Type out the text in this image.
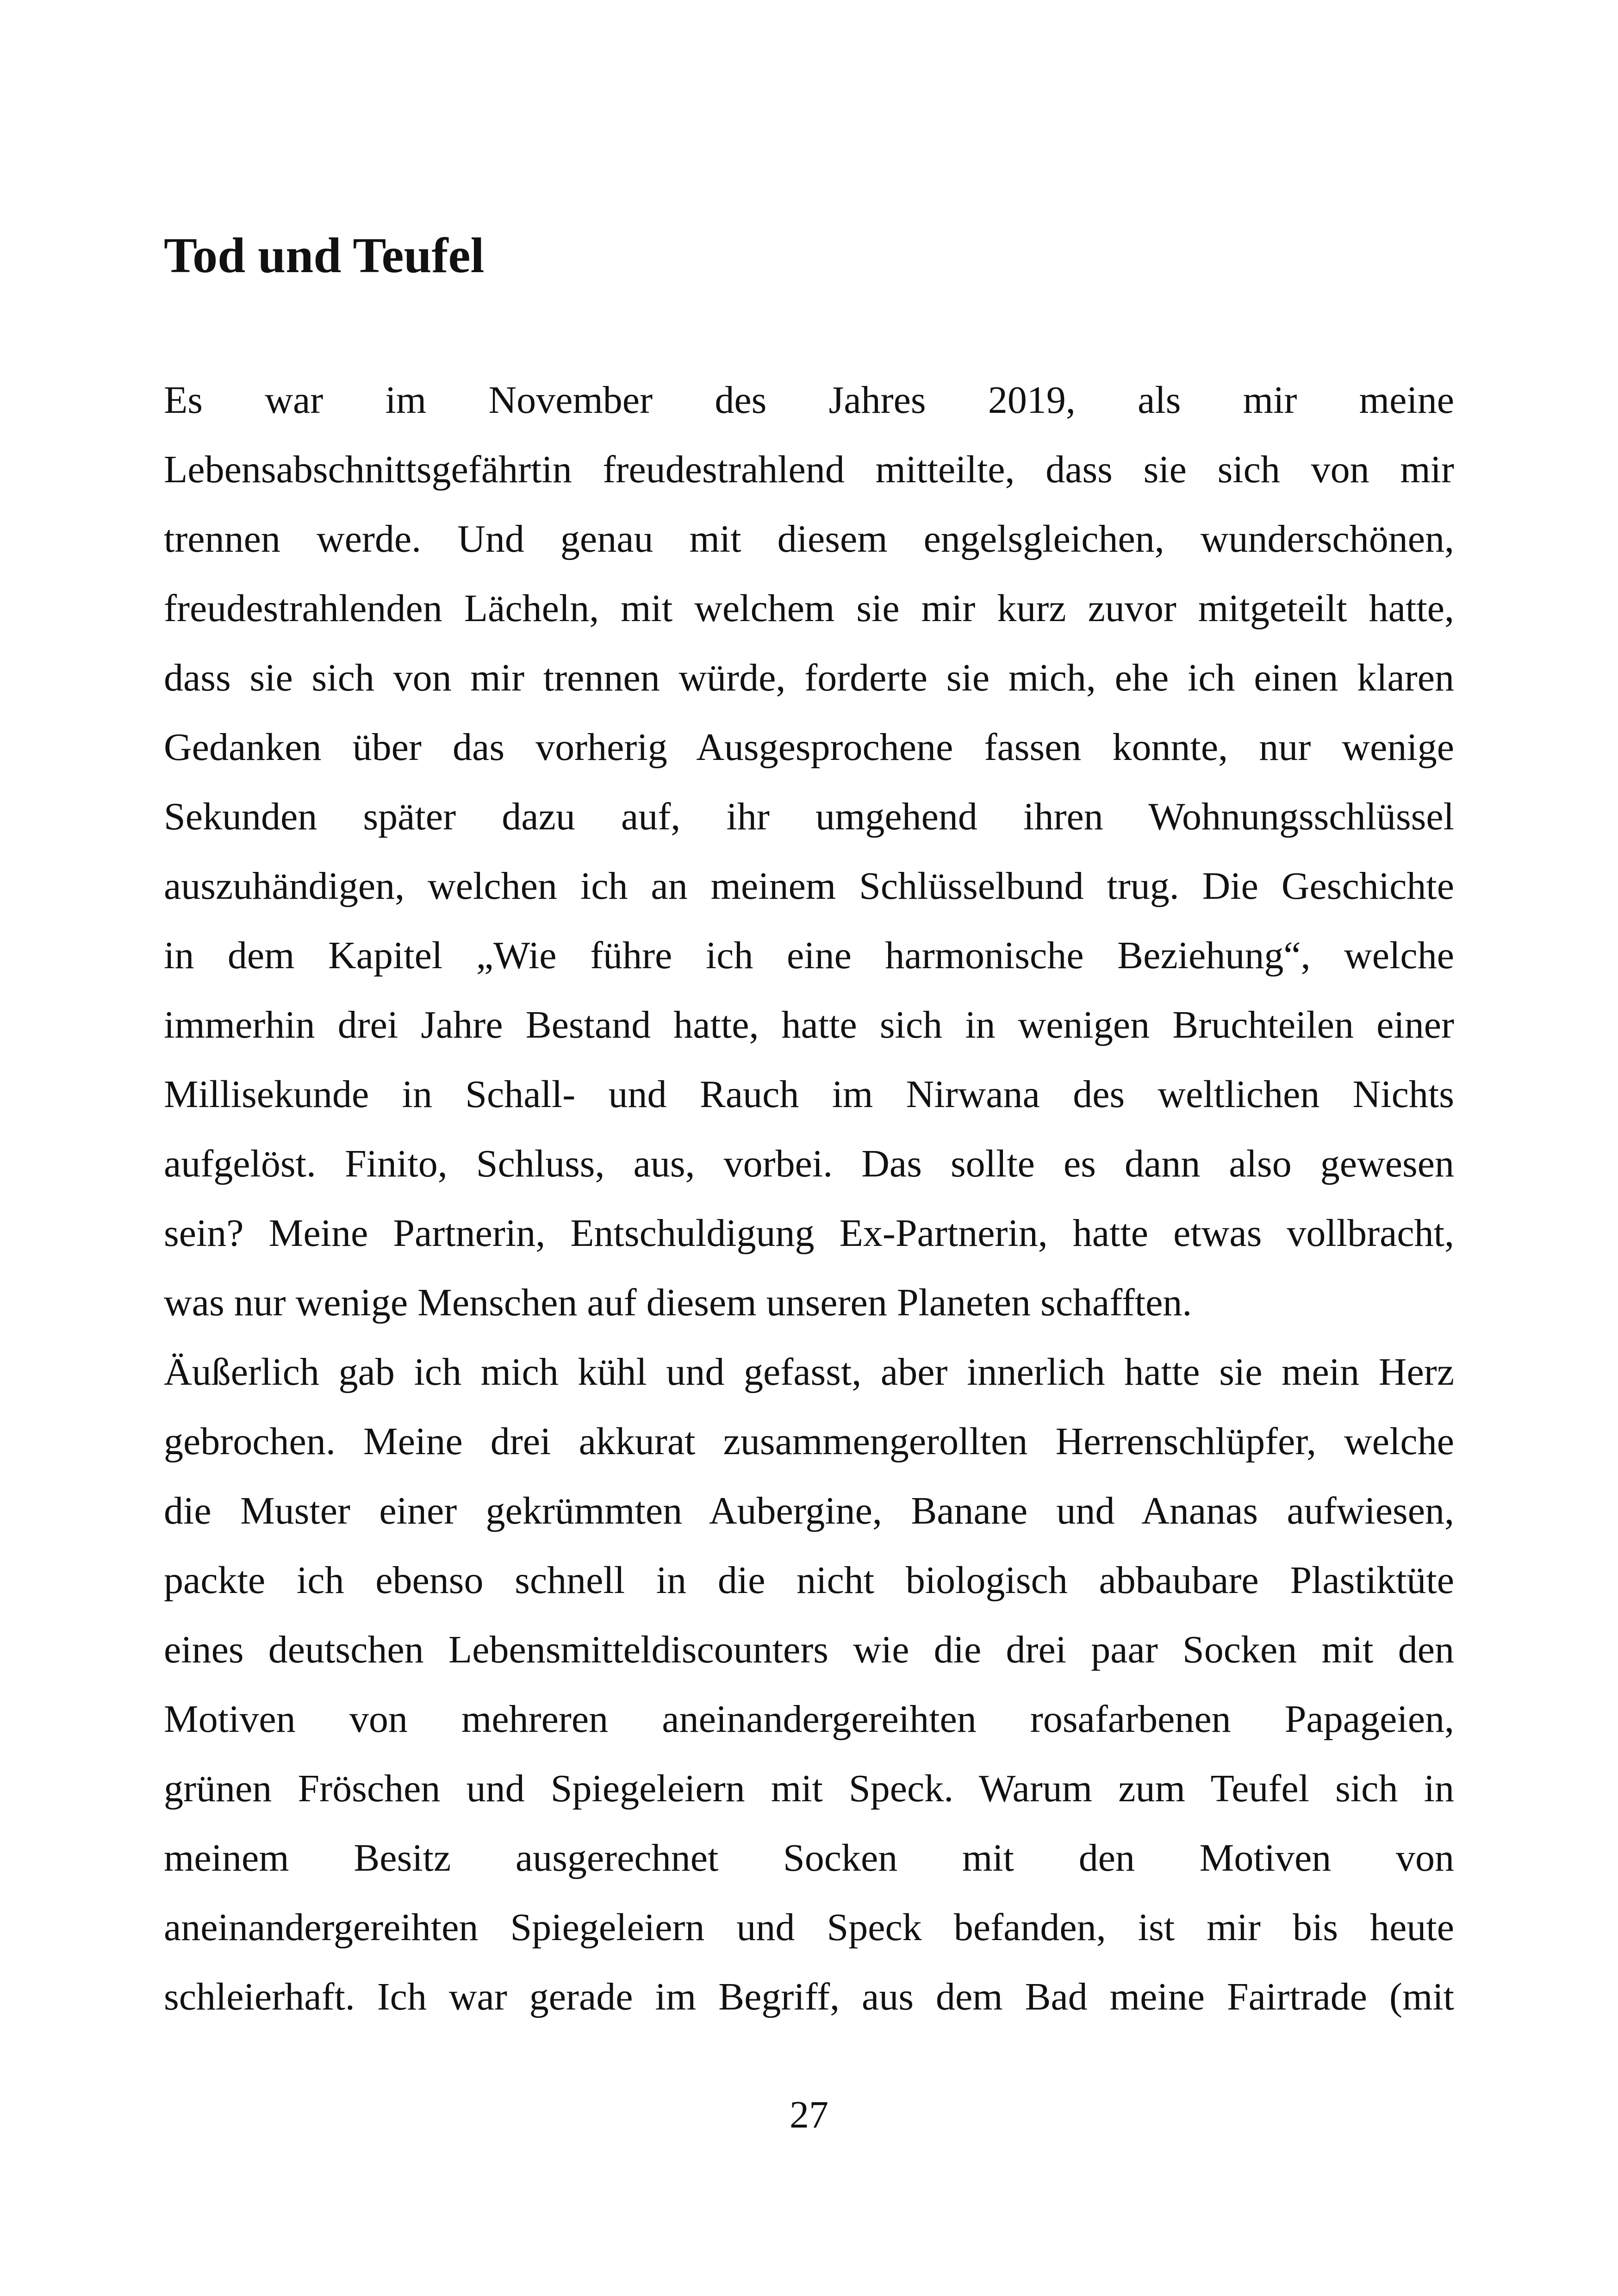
Tod und Teufel
Es war im November des Jahres 2019, als mir meine
Lebensabschnittsgefährtin freudestrahlend mitteilte, dass sie sich von mir
trennen werde. Und genau mit diesem engelsgleichen, wunderschönen,
freudestrahlenden Lächeln, mit welchem sie mir kurz zuvor mitgeteilt hatte,
dass sie sich von mir trennen würde, forderte sie mich, ehe ich einen klaren
Gedanken über das vorherig Ausgesprochene fassen konnte, nur wenige
Sekunden später dazu auf, ihr umgehend ihren Wohnungsschlüssel
auszuhändigen, welchen ich an meinem Schlüsselbund trug. Die Geschichte
in dem Kapitel „Wie führe ich eine harmonische Beziehung“, welche
immerhin drei Jahre Bestand hatte, hatte sich in wenigen Bruchteilen einer
Millisekunde in Schall- und Rauch im Nirwana des weltlichen Nichts
aufgelöst. Finito, Schluss, aus, vorbei. Das sollte es dann also gewesen
sein? Meine Partnerin, Entschuldigung Ex-Partnerin, hatte etwas vollbracht,
was nur wenige Menschen auf diesem unseren Planeten schafften.
Äußerlich gab ich mich kühl und gefasst, aber innerlich hatte sie mein Herz
gebrochen. Meine drei akkurat zusammengerollten Herrenschlüpfer, welche
die Muster einer gekrümmten Aubergine, Banane und Ananas aufwiesen,
packte ich ebenso schnell in die nicht biologisch abbaubare Plastiktüte
eines deutschen Lebensmitteldiscounters wie die drei paar Socken mit den
Motiven von mehreren aneinandergereihten rosafarbenen Papageien,
grünen Fröschen und Spiegeleiern mit Speck. Warum zum Teufel sich in
meinem Besitz ausgerechnet Socken mit den Motiven von
aneinandergereihten Spiegeleiern und Speck befanden, ist mir bis heute
schleierhaft. Ich war gerade im Begriff, aus dem Bad meine Fairtrade (mit
27
